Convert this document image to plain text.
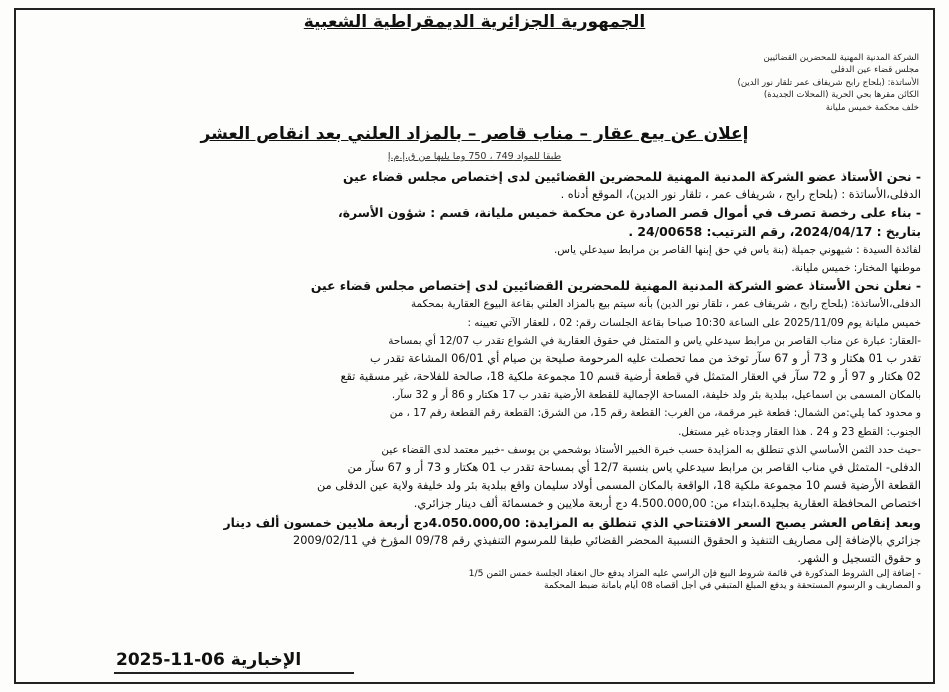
الجمهورية الجزائرية الديمقراطية الشعبية
الشركة المدنية المهنية للمحضرين القضائيين
مجلس قضاء عين الدفلى
الأساتذة: (بلحاج رابح شريفاف عمر تلقار نور الدين)
الكائن مقرها بحي الحرية (المحلات الجديدة)
خلف محكمة خميس مليانة
إعلان عن بيع عقار – مناب قاصر – بالمزاد العلني بعد انقاص العشر
طبقا للمواد 749 ، 750 وما يليها من ق.إ.م.إ
- نحن الأستاذ عضو الشركة المدنية المهنية للمحضرين القضائيين لدى إختصاص مجلس قضاء عين
الدفلى،الأساتذة : (بلحاج رابح ، شريفاف عمر ، تلقار نور الدين)، الموقع أدناه .
- بناء على رخصة تصرف في أموال قصر الصادرة عن محكمة خميس مليانة، قسم : شؤون الأسرة،
بتاريخ : 2024/04/17، رقم الترتيب: 24/00658 .
لفائدة السيدة : شيهوني جميلة (بنة ياس في حق إبنها القاصر بن مرابط سيدعلي ياس.
موطنها المختار: خميس مليانة.
- نعلن نحن الأستاذ عضو الشركة المدنية المهنية للمحضرين القضائيين لدى إختصاص مجلس قضاء عين
الدفلى،الأساتذة: (بلحاج رابح ، شريفاف عمر ، تلقار نور الدين) بأنه سيتم بيع بالمزاد العلني بقاعة البيوع العقارية بمحكمة
خميس مليانة يوم 2025/11/09 على الساعة 10:30 صباحا بقاعة الجلسات رقم: 02 ، للعقار الآتي تعيينه :
-العقار: عبارة عن مناب القاصر بن مرابط سيدعلي ياس و المتمثل في حقوق العقارية في الشواع تقدر ب 12/07 أي بمساحة
تقدر ب 01 هكتار و 73 أر و 67 سآر توخذ من مما تحصلت عليه المرحومة صليحة بن صيام أي 06/01 المشاعة تقدر ب
02 هكتار و 97 أر و 72 سآر في العقار المتمثل في قطعة أرضية قسم 10 مجموعة ملكية 18، صالحة للفلاحة، غير مسقية تقع
بالمكان المسمى بن اسماعيل، ببلدية بئر ولد خليفة، المساحة الإجمالية للقطعة الأرضية تقدر ب 17 هكتار و 86 أر و 32 سآر.
و محدود كما يلي:من الشمال: قطعة غير مرقمة، من الغرب: القطعة رقم 15، من الشرق: القطعة رقم القطعة رقم 17 ، من
الجنوب: القطع 23 و 24 . هذا العقار وجدناه غير مستغل.
-حيث حدد الثمن الأساسي الذي تنطلق به المزايدة حسب خبرة الخبير الأستاذ بوشحمي بن يوسف -خبير معتمد لدى القضاء عين
الدفلى- المتمثل في مناب القاصر بن مرابط سيدعلي ياس بنسبة 12/7 أي بمساحة تقدر ب 01 هكتار و 73 أر و 67 سآر من
القطعة الأرضية قسم 10 مجموعة ملكية 18، الواقعة بالمكان المسمى أولاد سليمان واقع ببلدية بئر ولد خليفة ولاية عين الدفلى من
اختصاص المحافظة العقارية بجليدة.ابتداء من: 4.500.000,00 دج أربعة ملايين و خمسمائة ألف دينار جزائري.
وبعد إنقاص العشر يصبح السعر الافتتاحي الذي تنطلق به المزايدة: 4.050.000,00دج أربعة ملايين خمسون ألف دينار
جزائري بالإضافة إلى مصاريف التنفيذ و الحقوق النسبية المحضر القضائي طبقا للمرسوم التنفيذي رقم 09/78 المؤرخ في 2009/02/11
و حقوق التسجيل و الشهر.
- إضافة إلى الشروط المذكورة في قائمة شروط البيع فإن الراسي عليه المزاد يدفع حال انعقاد الجلسة خمس الثمن 1/5
و المصاريف و الرسوم المستحقة و يدفع المبلغ المتبقي في أجل أقصاه 08 أيام بأمانة ضبط المحكمة
الإخبارية 06-11-2025
